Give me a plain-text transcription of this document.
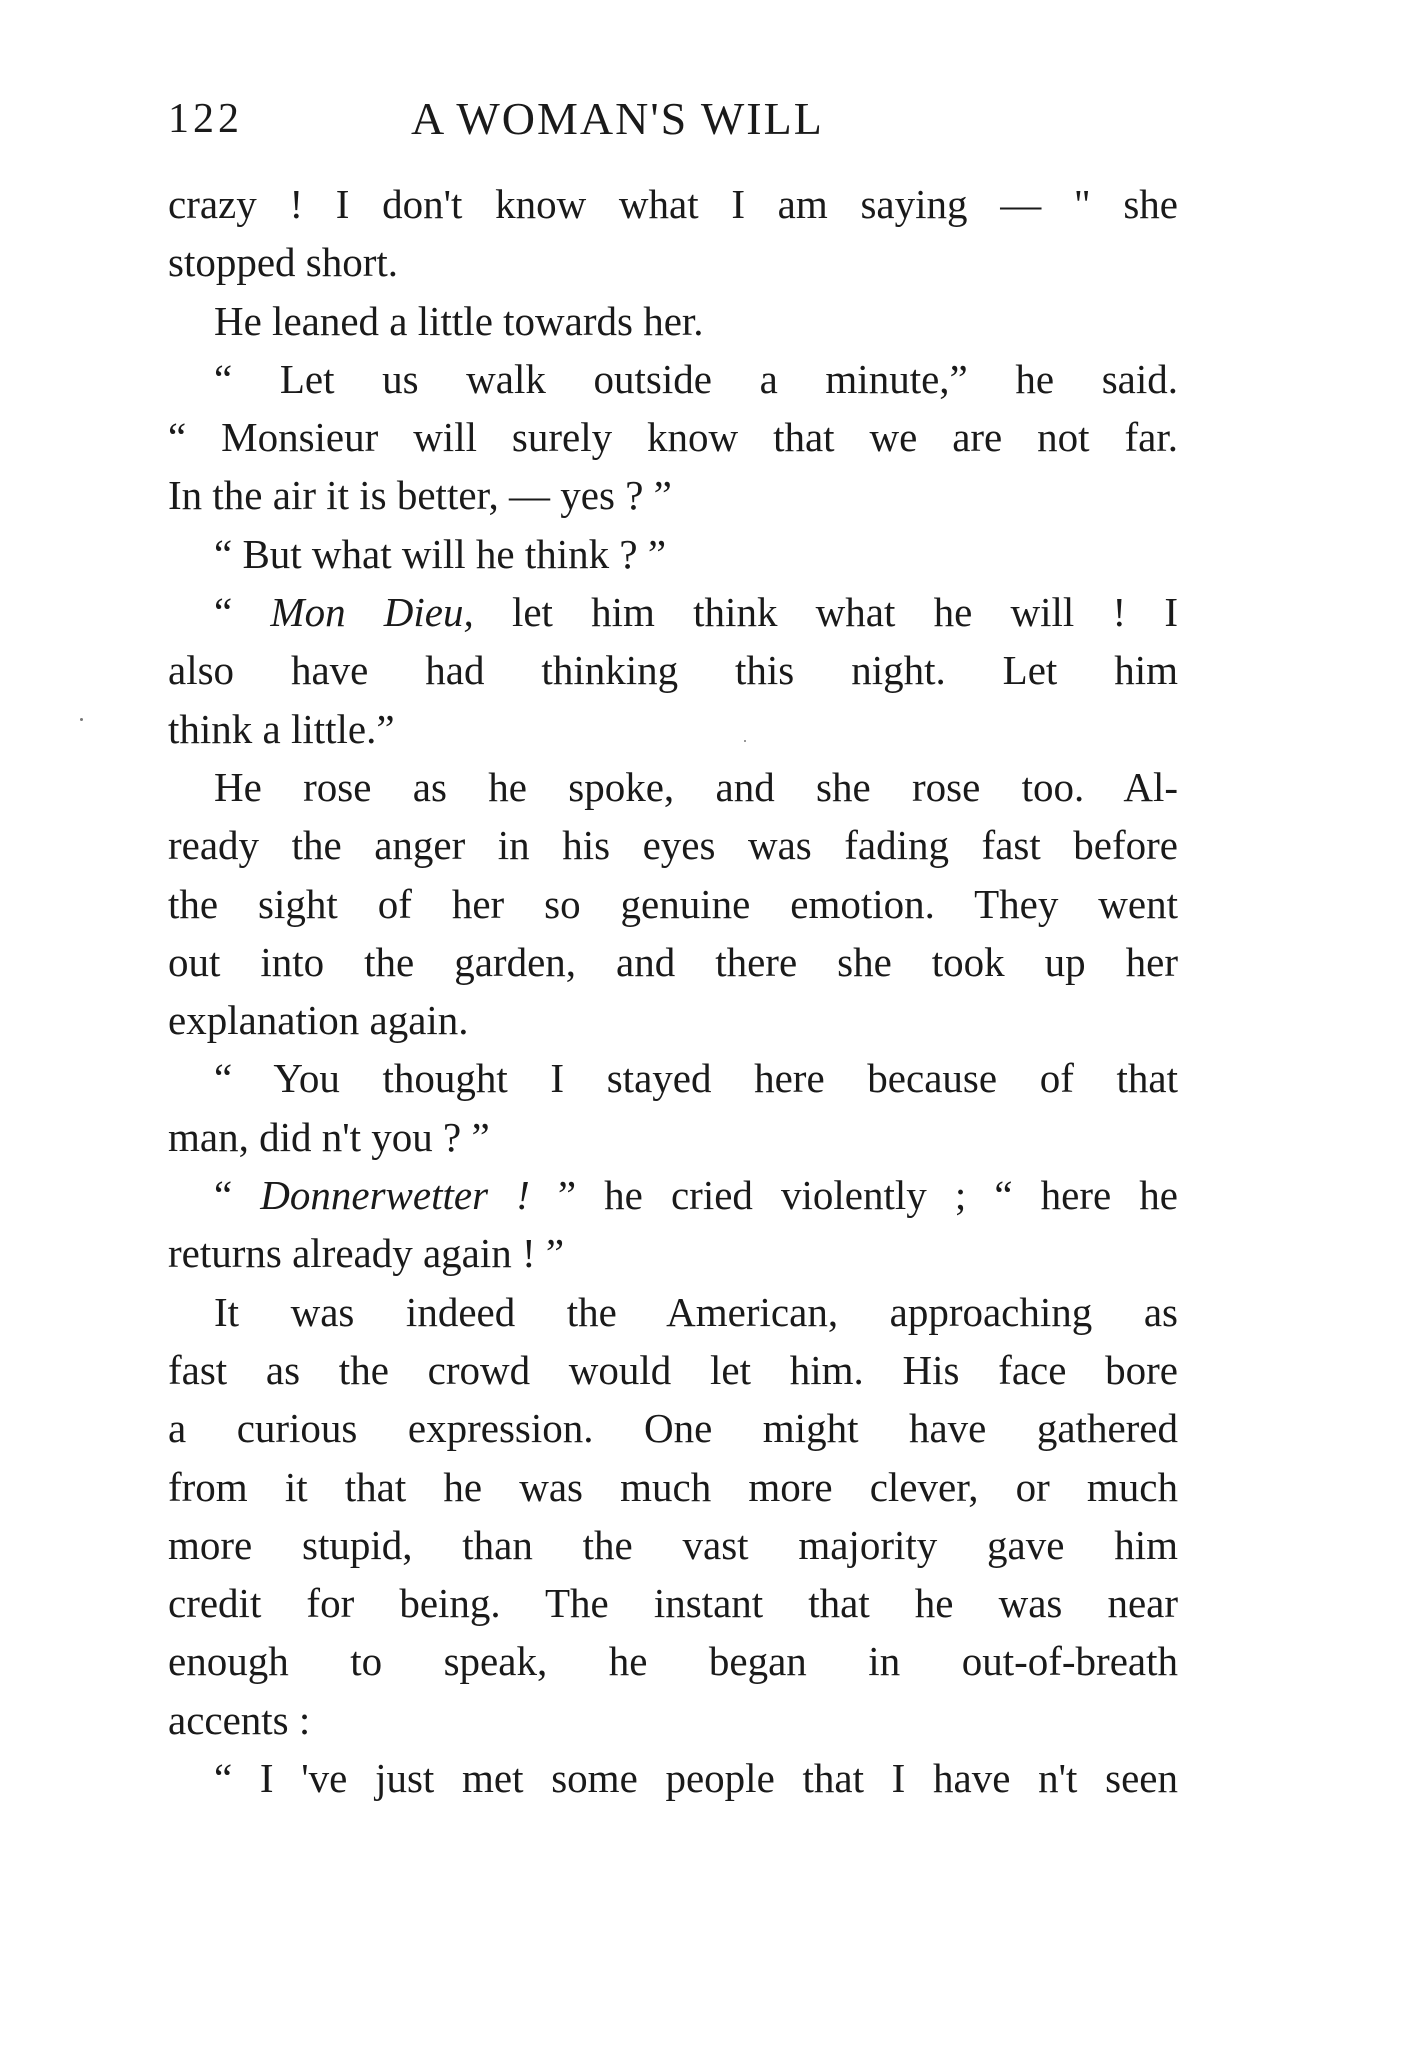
122	A WOMAN'S WILL
crazy ! I don't know what I am saying — " she
stopped short.
He leaned a little towards her.
“ Let us walk outside a minute,” he said.
“ Monsieur will surely know that we are not far.
In the air it is better, — yes ? ”
“ But what will he think ? ”
“ Mon Dieu, let him think what he will ! I
also have had thinking this night. Let him
think a little.”
He rose as he spoke, and she rose too. Al-
ready the anger in his eyes was fading fast before
the sight of her so genuine emotion. They went
out into the garden, and there she took up her
explanation again.
“ You thought I stayed here because of that
man, did n't you ? ”
“ Donnerwetter ! ” he cried violently ; “ here he
returns already again ! ”
It was indeed the American, approaching as
fast as the crowd would let him. His face bore
a curious expression. One might have gathered
from it that he was much more clever, or much
more stupid, than the vast majority gave him
credit for being. The instant that he was near
enough to speak, he began in out-of-breath
accents :
“ I 've just met some people that I have n't seen
